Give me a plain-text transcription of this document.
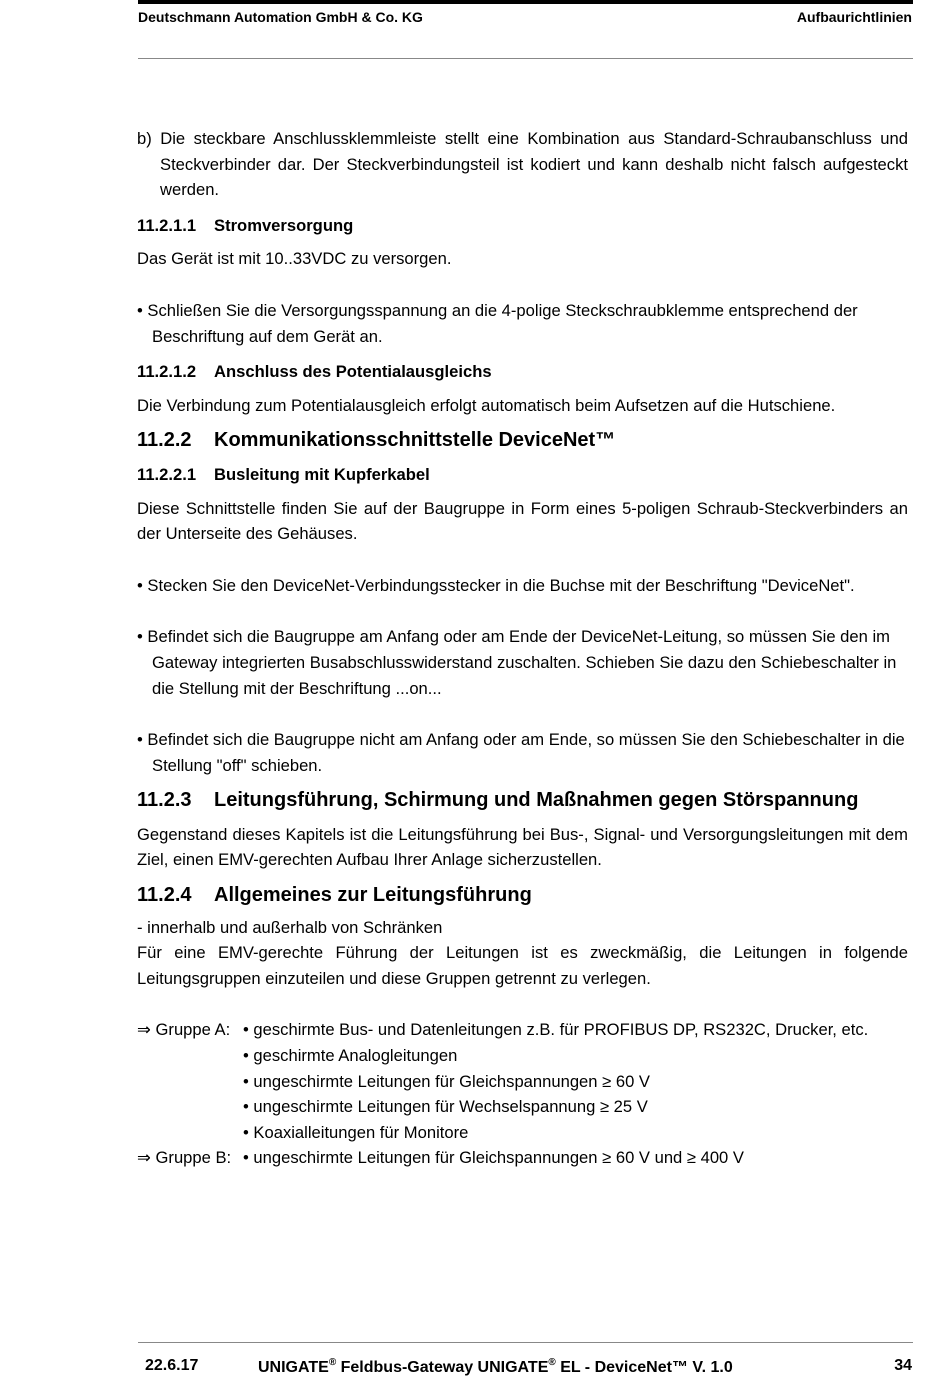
Deutschmann Automation GmbH & Co. KG	Aufbaurichtlinien

b) Die steckbare Anschlussklemmleiste stellt eine Kombination aus Standard-Schraubanschluss und Steckverbinder dar. Der Steckverbindungsteil ist kodiert und kann deshalb nicht falsch aufgesteckt werden.

11.2.1.1 Stromversorgung

Das Gerät ist mit 10..33VDC zu versorgen.

• Schließen Sie die Versorgungsspannung an die 4-polige Steckschraubklemme entsprechend der Beschriftung auf dem Gerät an.

11.2.1.2 Anschluss des Potentialausgleichs

Die Verbindung zum Potentialausgleich erfolgt automatisch beim Aufsetzen auf die Hutschiene.

11.2.2 Kommunikationsschnittstelle DeviceNet™

11.2.2.1 Busleitung mit Kupferkabel

Diese Schnittstelle finden Sie auf der Baugruppe in Form eines 5-poligen Schraub-Steckverbinders an der Unterseite des Gehäuses.

• Stecken Sie den DeviceNet-Verbindungsstecker in die Buchse mit der Beschriftung "DeviceNet".

• Befindet sich die Baugruppe am Anfang oder am Ende der DeviceNet-Leitung, so müssen Sie den im Gateway integrierten Busabschlusswiderstand zuschalten. Schieben Sie dazu den Schiebeschalter in die Stellung mit der Beschriftung ...on...

• Befindet sich die Baugruppe nicht am Anfang oder am Ende, so müssen Sie den Schiebeschalter in die Stellung "off" schieben.

11.2.3 Leitungsführung, Schirmung und Maßnahmen gegen Störspannung

Gegenstand dieses Kapitels ist die Leitungsführung bei Bus-, Signal- und Versorgungsleitungen mit dem Ziel, einen EMV-gerechten Aufbau Ihrer Anlage sicherzustellen.

11.2.4 Allgemeines zur Leitungsführung

- innerhalb und außerhalb von Schränken

Für eine EMV-gerechte Führung der Leitungen ist es zweckmäßig, die Leitungen in folgende Leitungsgruppen einzuteilen und diese Gruppen getrennt zu verlegen.

⇒ Gruppe A: • geschirmte Bus- und Datenleitungen z.B. für PROFIBUS DP, RS232C, Drucker, etc.

• geschirmte Analogleitungen

• ungeschirmte Leitungen für Gleichspannungen ≥ 60 V

• ungeschirmte Leitungen für Wechselspannung ≥ 25 V

• Koaxialleitungen für Monitore

⇒ Gruppe B: • ungeschirmte Leitungen für Gleichspannungen ≥ 60 V und ≥ 400 V

22.6.17	UNIGATE® Feldbus-Gateway UNIGATE® EL - DeviceNet™ V. 1.0	34
